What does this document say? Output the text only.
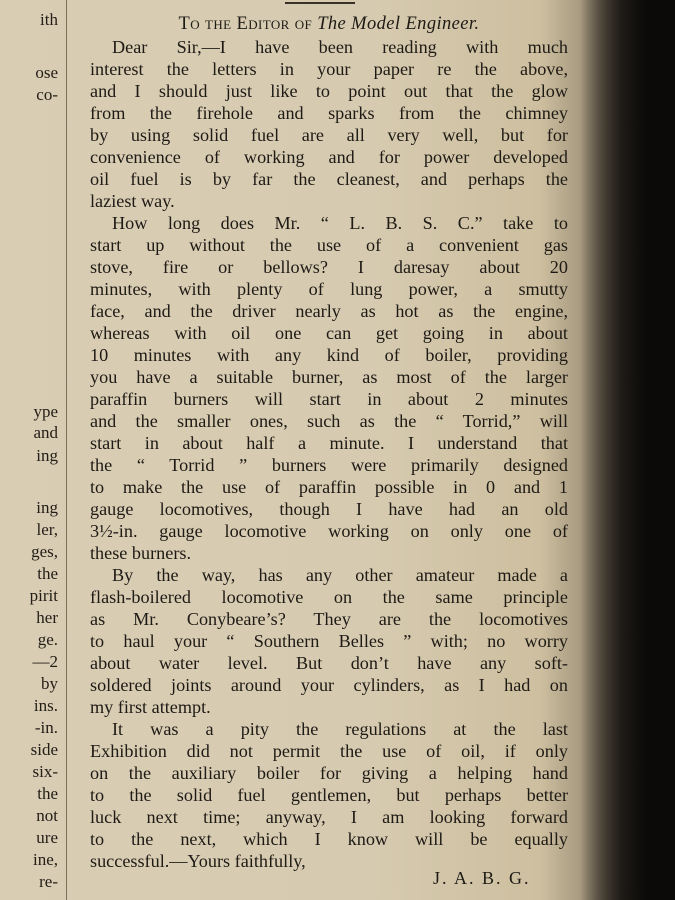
ith
ose
co-
ype
and
ing
ing
ler,
ges,
the
pirit
her
ge.
—2
by
ins.
-in.
side
six-
the
not
ure
ine,
re-
To the Editor of The Model Engineer.
Dear Sir,—I have been reading with much
interest the letters in your paper re the above,
and I should just like to point out that the glow
from the firehole and sparks from the chimney
by using solid fuel are all very well, but for
convenience of working and for power developed
oil fuel is by far the cleanest, and perhaps the
laziest way.
How long does Mr. “ L. B. S. C.” take to
start up without the use of a convenient gas
stove, fire or bellows? I daresay about 20
minutes, with plenty of lung power, a smutty
face, and the driver nearly as hot as the engine,
whereas with oil one can get going in about
10 minutes with any kind of boiler, providing
you have a suitable burner, as most of the larger
paraffin burners will start in about 2 minutes
and the smaller ones, such as the “ Torrid,” will
start in about half a minute. I understand that
the “ Torrid ” burners were primarily designed
to make the use of paraffin possible in 0 and 1
gauge locomotives, though I have had an old
3½-in. gauge locomotive working on only one of
these burners.
By the way, has any other amateur made a
flash-boilered locomotive on the same principle
as Mr. Conybeare’s? They are the locomotives
to haul your “ Southern Belles ” with; no worry
about water level. But don’t have any soft-
soldered joints around your cylinders, as I had on
my first attempt.
It was a pity the regulations at the last
Exhibition did not permit the use of oil, if only
on the auxiliary boiler for giving a helping hand
to the solid fuel gentlemen, but perhaps better
luck next time; anyway, I am looking forward
to the next, which I know will be equally
successful.—Yours faithfully,
J. A. B. G.
